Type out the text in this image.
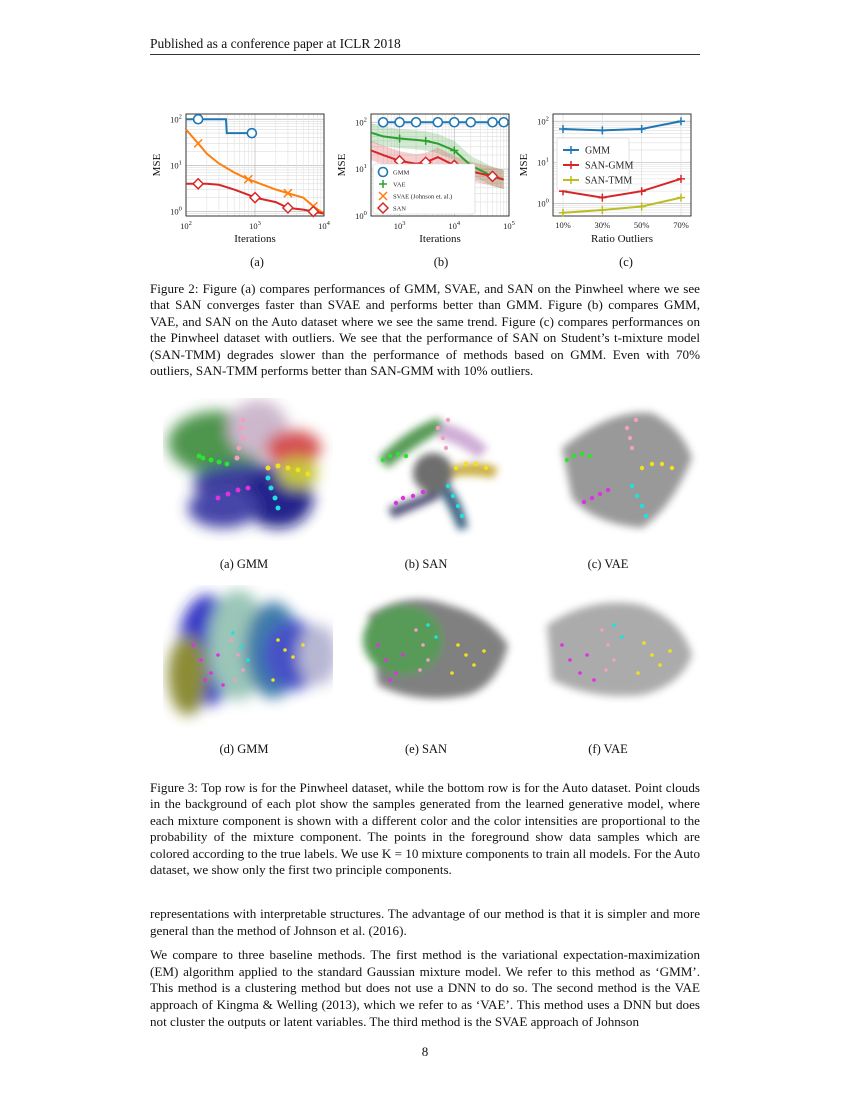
Published as a conference paper at ICLR 2018
$10^0$
$10^1$
$10^2$
$10^2$	$10^3$	$10^4$
Iterations
MSE
$10^0$
$10^1$
$10^2$
$10^3$	$10^4$	$10^5$
Iterations
MSE	GMM
VAE
SVAE (Johnson et. al.)
SAN
$10^0$
$10^1$
$10^2$
10%	30%	50%	70%
Ratio Outliers
MSE
GMM
SAN-GMM
SAN-TMM
(a)	(b)	(c)

Figure 2: Figure (a) compares performances of GMM, SVAE, and SAN on the Pinwheel where we see that SAN converges faster than SVAE and performs better than GMM. Figure (b) compares GMM, VAE, and SAN on the Auto dataset where we see the same trend. Figure (c) compares performances on the Pinwheel dataset with outliers. We see that the performance of SAN on Student’s t-mixture model (SAN-TMM) degrades slower than the performance of methods based on GMM. Even with 70% outliers, SAN-TMM performs better than SAN-GMM with 10% outliers.

(a) GMM	(b) SAN	(c) VAE
(d) GMM	(e) SAN	(f) VAE

Figure 3: Top row is for the Pinwheel dataset, while the bottom row is for the Auto dataset. Point clouds in the background of each plot show the samples generated from the learned generative model, where each mixture component is shown with a different color and the color intensities are proportional to the probability of the mixture component. The points in the foreground show data samples which are colored according to the true labels. We use K = 10 mixture components to train all models. For the Auto dataset, we show only the first two principle components.

representations with interpretable structures. The advantage of our method is that it is simpler and more general than the method of Johnson et al. (2016).

We compare to three baseline methods. The first method is the variational expectation-maximization (EM) algorithm applied to the standard Gaussian mixture model. We refer to this method as ‘GMM’. This method is a clustering method but does not use a DNN to do so. The second method is the VAE approach of Kingma & Welling (2013), which we refer to as ‘VAE’. This method uses a DNN but does not cluster the outputs or latent variables. The third method is the SVAE approach of Johnson

8
